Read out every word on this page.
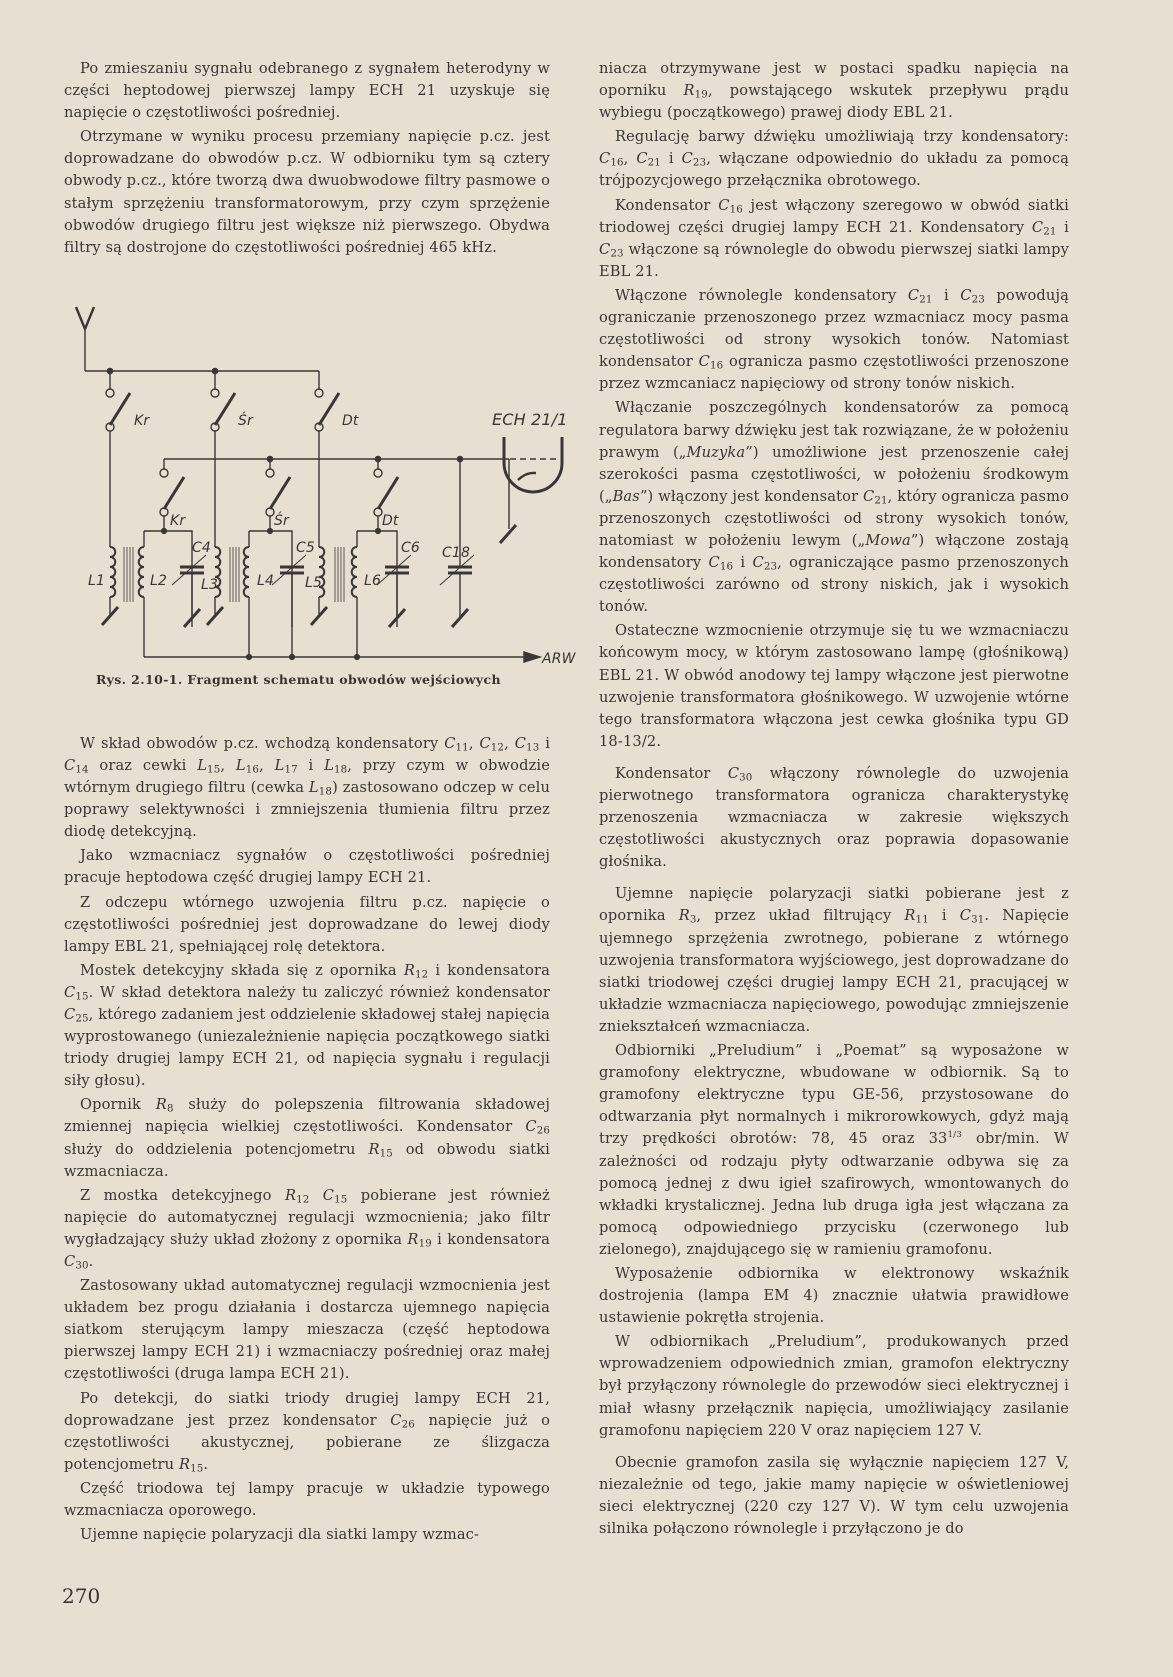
Po zmieszaniu sygnału odebranego z sygnałem heterodyny w części heptodowej pierwszej lampy ECH 21 uzyskuje się napięcie o częstotliwości pośredniej.

Otrzymane w wyniku procesu przemiany napięcie p.cz. jest doprowadzane do obwodów p.cz. W odbiorniku tym są cztery obwody p.cz., które tworzą dwa dwuobwodowe filtry pasmowe o stałym sprzężeniu transformatorowym, przy czym sprzężenie obwodów drugiego filtru jest większe niż pierwszego. Obydwa filtry są dostrojone do częstotliwości pośredniej 465 kHz.

Kr	Śr	Dt
Kr	Śr	Dt
ARW
ECH 21/1
L1	L2 L3	L4 L5	L6
C4	C5	C6 C18
Rys. 2.10-1. Fragment schematu obwodów wejściowych

W skład obwodów p.cz. wchodzą kondensatory $C_{11}$, $C_{12}$, $C_{13}$ i $C_{14}$ oraz cewki $L_{15}$, $L_{16}$, $L_{17}$ i $L_{18}$, przy czym w obwodzie wtórnym drugiego filtru (cewka $L_{18}$) zastosowano odczep w celu poprawy selektywności i zmniejszenia tłumienia filtru przez diodę detekcyjną.

Jako wzmacniacz sygnałów o częstotliwości pośredniej pracuje heptodowa część drugiej lampy ECH 21.

Z odczepu wtórnego uzwojenia filtru p.cz. napięcie o częstotliwości pośredniej jest doprowadzane do lewej diody lampy EBL 21, spełniającej rolę detektora.

Mostek detekcyjny składa się z opornika $R_{12}$ i kondensatora $C_{15}$. W skład detektora należy tu zaliczyć również kondensator $C_{25}$, którego zadaniem jest oddzielenie składowej stałej napięcia wyprostowanego (uniezależnienie napięcia początkowego siatki triody drugiej lampy ECH 21, od napięcia sygnału i regulacji siły głosu).

Opornik $R_8$ służy do polepszenia filtrowania składowej zmiennej napięcia wielkiej częstotliwości. Kondensator $C_{26}$ służy do oddzielenia potencjometru $R_{15}$ od obwodu siatki wzmacniacza.

Z mostka detekcyjnego $R_{12}$ $C_{15}$ pobierane jest również napięcie do automatycznej regulacji wzmocnienia; jako filtr wygładzający służy układ złożony z opornika $R_{19}$ i kondensatora $C_{30}$.

Zastosowany układ automatycznej regulacji wzmocnienia jest układem bez progu działania i dostarcza ujemnego napięcia siatkom sterującym lampy mieszacza (część heptodowa pierwszej lampy ECH 21) i wzmacniaczy pośredniej oraz małej częstotliwości (druga lampa ECH 21).

Po detekcji, do siatki triody drugiej lampy ECH 21, doprowadzane jest przez kondensator $C_{26}$ napięcie już o częstotliwości akustycznej, pobierane ze ślizgacza potencjometru $R_{15}$.

Część triodowa tej lampy pracuje w układzie typowego wzmacniacza oporowego.

Ujemne napięcie polaryzacji dla siatki lampy wzmac-

niacza otrzymywane jest w postaci spadku napięcia na oporniku $R_{19}$, powstającego wskutek przepływu prądu wybiegu (początkowego) prawej diody EBL 21.

Regulację barwy dźwięku umożliwiają trzy kondensatory: $C_{16}$, $C_{21}$ i $C_{23}$, włączane odpowiednio do układu za pomocą trójpozycjowego przełącznika obrotowego.

Kondensator $C_{16}$ jest włączony szeregowo w obwód siatki triodowej części drugiej lampy ECH 21. Kondensatory $C_{21}$ i $C_{23}$ włączone są równolegle do obwodu pierwszej siatki lampy EBL 21.

Włączone równolegle kondensatory $C_{21}$ i $C_{23}$ powodują ograniczanie przenoszonego przez wzmacniacz mocy pasma częstotliwości od strony wysokich tonów. Natomiast kondensator $C_{16}$ ogranicza pasmo częstotliwości przenoszone przez wzmcaniacz napięciowy od strony tonów niskich.

Włączanie poszczególnych kondensatorów za pomocą regulatora barwy dźwięku jest tak rozwiązane, że w położeniu prawym („Muzyka”) umożliwione jest przenoszenie całej szerokości pasma częstotliwości, w położeniu środkowym („Bas”) włączony jest kondensator $C_{21}$, który ogranicza pasmo przenoszonych częstotliwości od strony wysokich tonów, natomiast w położeniu lewym („Mowa”) włączone zostają kondensatory $C_{16}$ i $C_{23}$, ograniczające pasmo przenoszonych częstotliwości zarówno od strony niskich, jak i wysokich tonów.

Ostateczne wzmocnienie otrzymuje się tu we wzmacniaczu końcowym mocy, w którym zastosowano lampę (głośnikową) EBL 21. W obwód anodowy tej lampy włączone jest pierwotne uzwojenie transformatora głośnikowego. W uzwojenie wtórne tego transformatora włączona jest cewka głośnika typu GD 18-13/2.

Kondensator $C_{30}$ włączony równolegle do uzwojenia pierwotnego transformatora ogranicza charakterystykę przenoszenia wzmacniacza w zakresie większych częstotliwości akustycznych oraz poprawia dopasowanie głośnika.

Ujemne napięcie polaryzacji siatki pobierane jest z opornika $R_3$, przez układ filtrujący $R_{11}$ i $C_{31}$. Napięcie ujemnego sprzężenia zwrotnego, pobierane z wtórnego uzwojenia transformatora wyjściowego, jest doprowadzane do siatki triodowej części drugiej lampy ECH 21, pracującej w układzie wzmacniacza napięciowego, powodując zmniejszenie zniekształceń wzmacniacza.

Odbiorniki „Preludium” i „Poemat” są wyposażone w gramofony elektryczne, wbudowane w odbiornik. Są to gramofony elektryczne typu GE-56, przystosowane do odtwarzania płyt normalnych i mikrorowkowych, gdyż mają trzy prędkości obrotów: 78, 45 oraz $33^{1/3}$ obr/min. W zależności od rodzaju płyty odtwarzanie odbywa się za pomocą jednej z dwu igieł szafirowych, wmontowanych do wkładki krystalicznej. Jedna lub druga igła jest włączana za pomocą odpowiedniego przycisku (czerwonego lub zielonego), znajdującego się w ramieniu gramofonu.

Wyposażenie odbiornika w elektronowy wskaźnik dostrojenia (lampa EM 4) znacznie ułatwia prawidłowe ustawienie pokrętła strojenia.

W odbiornikach „Preludium”, produkowanych przed wprowadzeniem odpowiednich zmian, gramofon elektryczny był przyłączony równolegle do przewodów sieci elektrycznej i miał własny przełącznik napięcia, umożliwiający zasilanie gramofonu napięciem 220 V oraz napięciem 127 V.

Obecnie gramofon zasila się wyłącznie napięciem 127 V, niezależnie od tego, jakie mamy napięcie w oświetleniowej sieci elektrycznej (220 czy 127 V). W tym celu uzwojenia silnika połączono równolegle i przyłączono je do

270
